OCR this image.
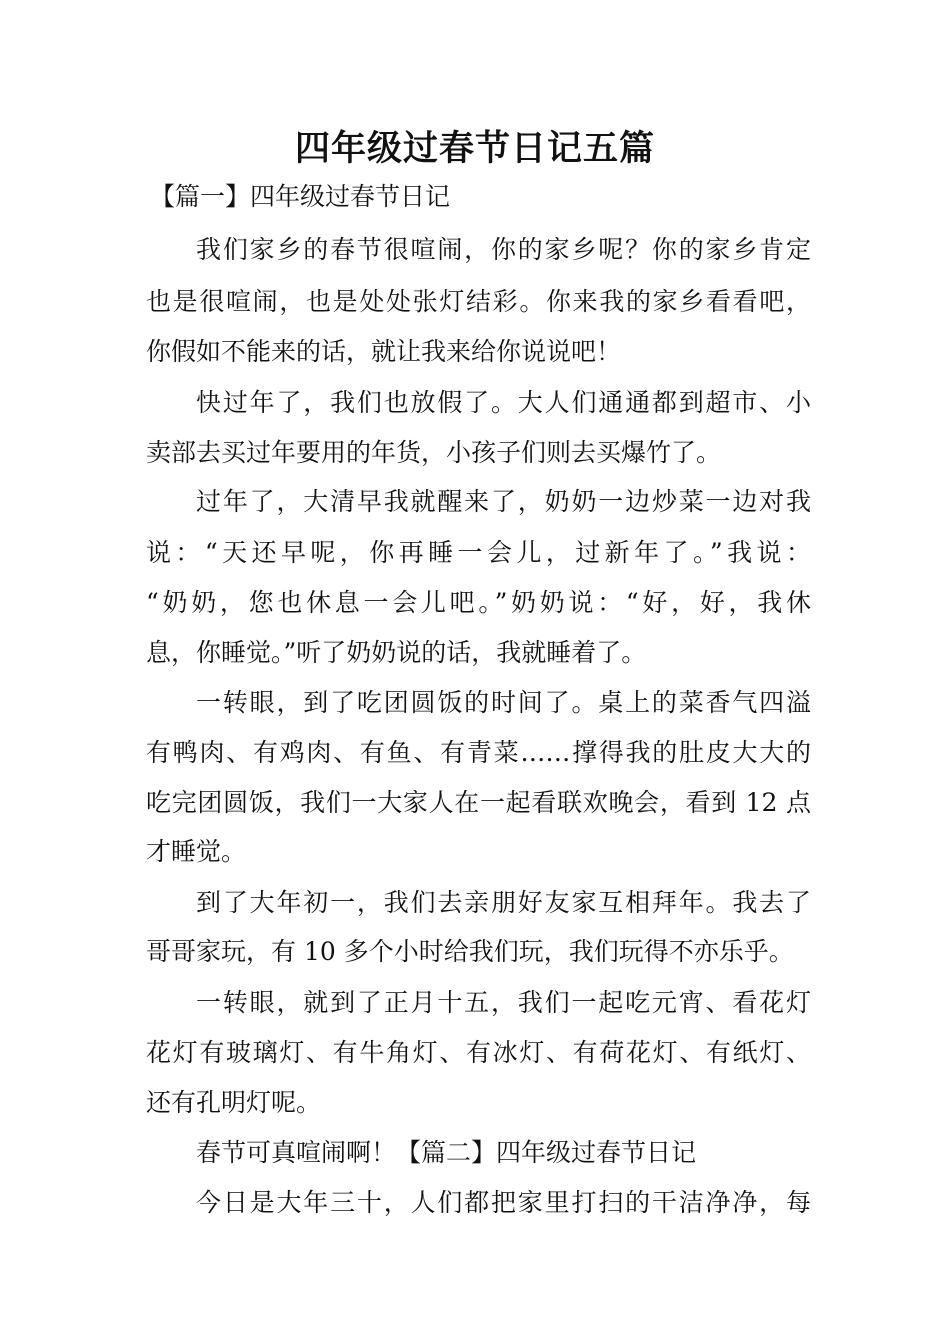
四年级过春节日记五篇
【篇一】四年级过春节日记
我们家乡的春节很喧闹，你的家乡呢？你的家乡肯定
也是很喧闹，也是处处张灯结彩。你来我的家乡看看吧，
你假如不能来的话，就让我来给你说说吧！
快过年了，我们也放假了。大人们通通都到超市、小
卖部去买过年要用的年货，小孩子们则去买爆竹了。
过年了，大清早我就醒来了，奶奶一边炒菜一边对我
说：“天还早呢，你再睡一会儿，过新年了。”我说：
“奶奶，您也休息一会儿吧。”奶奶说：“好，好，我休
息，你睡觉。”听了奶奶说的话，我就睡着了。
一转眼，到了吃团圆饭的时间了。桌上的菜香气四溢
有鸭肉、有鸡肉、有鱼、有青菜……撑得我的肚皮大大的
吃完团圆饭，我们一大家人在一起看联欢晚会，看到 12 点
才睡觉。
到了大年初一，我们去亲朋好友家互相拜年。我去了
哥哥家玩，有 10 多个小时给我们玩，我们玩得不亦乐乎。
一转眼，就到了正月十五，我们一起吃元宵、看花灯
花灯有玻璃灯、有牛角灯、有冰灯、有荷花灯、有纸灯、
还有孔明灯呢。
春节可真喧闹啊！【篇二】四年级过春节日记
今日是大年三十，人们都把家里打扫的干洁净净，每
